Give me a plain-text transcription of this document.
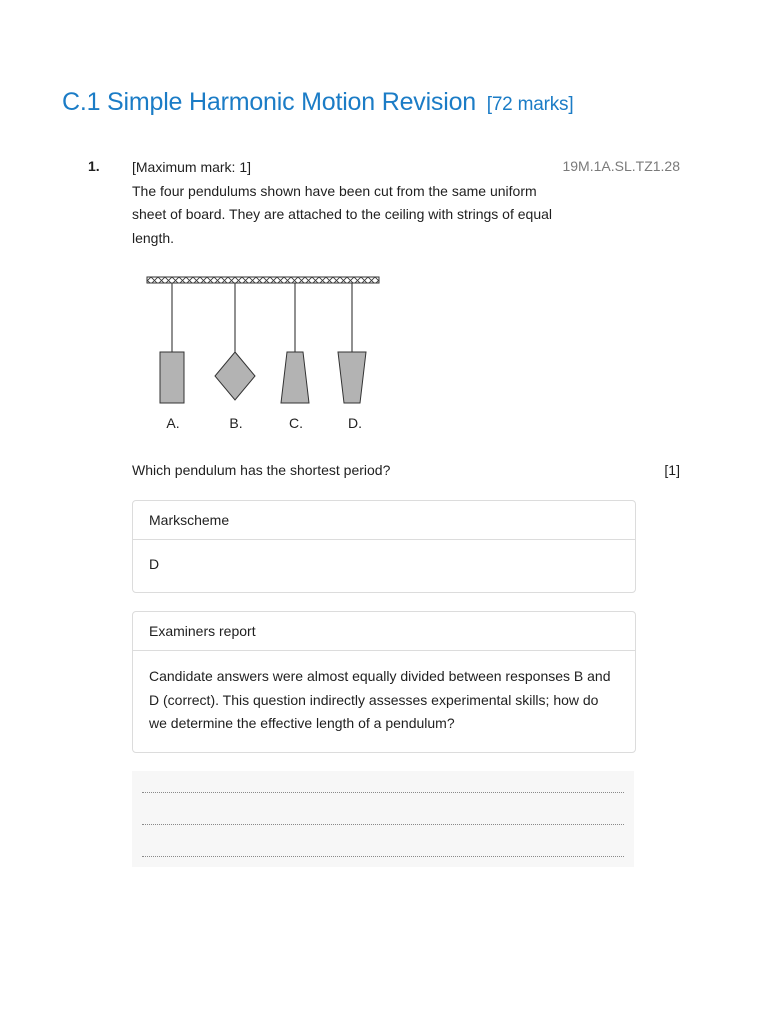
C.1 Simple Harmonic Motion Revision [72 marks]
1.	19M.1A.SL.TZ1.28
[Maximum mark: 1]
The four pendulums shown have been cut from the same uniform sheet of board. They are attached to the ceiling with strings of equal length.
A.	B.	C.	D.
Which pendulum has the shortest period?	[1]
Markscheme
D
Examiners report
Candidate answers were almost equally divided between responses B and D (correct). This question indirectly assesses experimental skills; how do we determine the effective length of a pendulum?
